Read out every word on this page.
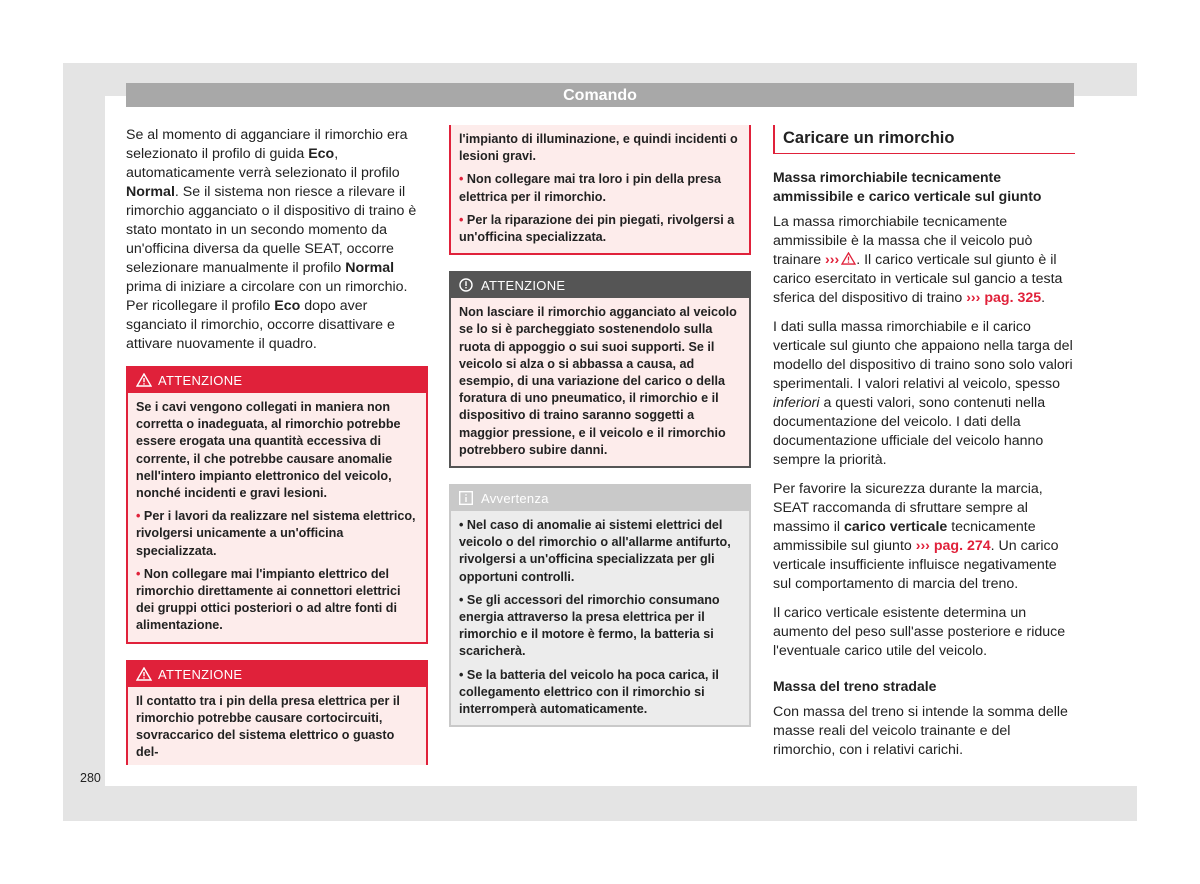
Comando

Se al momento di agganciare il rimorchio era selezionato il profilo di guida Eco, automaticamente verrà selezionato il profilo Normal. Se il sistema non riesce a rilevare il rimorchio agganciato o il dispositivo di traino è stato montato in un secondo momento da un'officina diversa da quelle SEAT, occorre selezionare manualmente il profilo Normal prima di iniziare a circolare con un rimorchio. Per ricollegare il profilo Eco dopo aver sganciato il rimorchio, occorre disattivare e attivare nuovamente il quadro.

ATTENZIONE
Se i cavi vengono collegati in maniera non corretta o inadeguata, al rimorchio potrebbe essere erogata una quantità eccessiva di corrente, il che potrebbe causare anomalie nell'intero impianto elettronico del veicolo, nonché incidenti e gravi lesioni.
• Per i lavori da realizzare nel sistema elettrico, rivolgersi unicamente a un'officina specializzata.
• Non collegare mai l'impianto elettrico del rimorchio direttamente ai connettori elettrici dei gruppi ottici posteriori o ad altre fonti di alimentazione.
ATTENZIONE
Il contatto tra i pin della presa elettrica per il rimorchio potrebbe causare cortocircuiti, sovraccarico del sistema elettrico o guasto del-
l'impianto di illuminazione, e quindi incidenti o lesioni gravi.
• Non collegare mai tra loro i pin della presa elettrica per il rimorchio.
• Per la riparazione dei pin piegati, rivolgersi a un'officina specializzata.
ATTENZIONE
Non lasciare il rimorchio agganciato al veicolo se lo si è parcheggiato sostenendolo sulla ruota di appoggio o sui suoi supporti. Se il veicolo si alza o si abbassa a causa, ad esempio, di una variazione del carico o della foratura di uno pneumatico, il rimorchio e il dispositivo di traino saranno soggetti a maggior pressione, e il veicolo e il rimorchio potrebbero subire danni.
Avvertenza
• Nel caso di anomalie ai sistemi elettrici del veicolo o del rimorchio o all'allarme antifurto, rivolgersi a un'officina specializzata per gli opportuni controlli.
• Se gli accessori del rimorchio consumano energia attraverso la presa elettrica per il rimorchio e il motore è fermo, la batteria si scaricherà.
• Se la batteria del veicolo ha poca carica, il collegamento elettrico con il rimorchio si interromperà automaticamente.
Caricare un rimorchio
Massa rimorchiabile tecnicamente ammissibile e carico verticale sul giunto

La massa rimorchiabile tecnicamente ammissibile è la massa che il veicolo può trainare ››› . Il carico verticale sul giunto è il carico esercitato in verticale sul gancio a testa sferica del dispositivo di traino ››› pag. 325.

I dati sulla massa rimorchiabile e il carico verticale sul giunto che appaiono nella targa del modello del dispositivo di traino sono solo valori sperimentali. I valori relativi al veicolo, spesso inferiori a questi valori, sono contenuti nella documentazione del veicolo. I dati della documentazione ufficiale del veicolo hanno sempre la priorità.

Per favorire la sicurezza durante la marcia, SEAT raccomanda di sfruttare sempre al massimo il carico verticale tecnicamente ammissibile sul giunto ››› pag. 274. Un carico verticale insufficiente influisce negativamente sul comportamento di marcia del treno.

Il carico verticale esistente determina un aumento del peso sull'asse posteriore e riduce l'eventuale carico utile del veicolo.

Massa del treno stradale

Con massa del treno si intende la somma delle masse reali del veicolo trainante e del rimorchio, con i relativi carichi.

280
